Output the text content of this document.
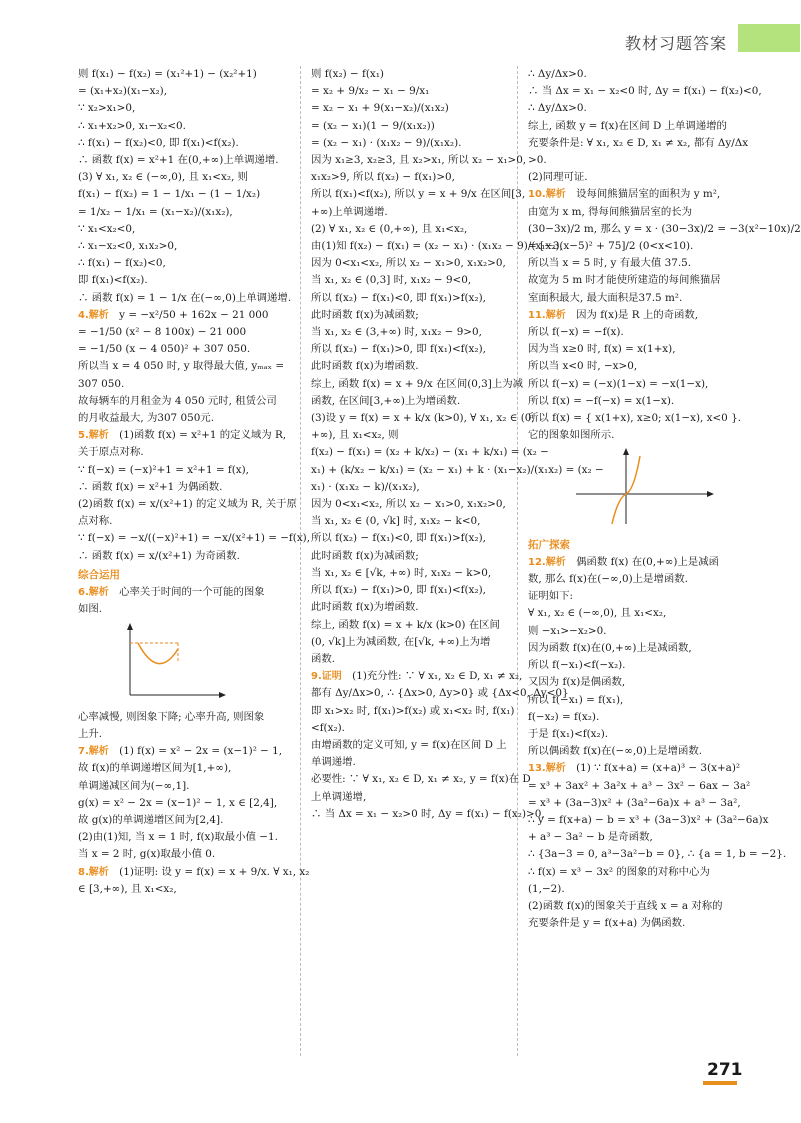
教材习题答案
则 f(x₁) − f(x₂) = (x₁²+1) − (x₂²+1)
= (x₁+x₂)(x₁−x₂),
∵ x₂>x₁>0,
∴ x₁+x₂>0, x₁−x₂<0.
∴ f(x₁) − f(x₂)<0, 即 f(x₁)<f(x₂).
∴ 函数 f(x) = x²+1 在(0,+∞)上单调递增.
(3) ∀ x₁, x₂ ∈ (−∞,0), 且 x₁<x₂, 则
f(x₁) − f(x₂) = 1 − 1/x₁ − (1 − 1/x₂)
= 1/x₂ − 1/x₁ = (x₁−x₂)/(x₁x₂),
∵ x₁<x₂<0,
∴ x₁−x₂<0, x₁x₂>0,
∴ f(x₁) − f(x₂)<0,
即 f(x₁)<f(x₂).
∴ 函数 f(x) = 1 − 1/x 在(−∞,0)上单调递增.
4.解析  y = −x²/50 + 162x − 21 000
= −1/50 (x² − 8 100x) − 21 000
= −1/50 (x − 4 050)² + 307 050.
所以当 x = 4 050 时, y 取得最大值, yₘₐₓ =
307 050.
故每辆车的月租金为 4 050 元时, 租赁公司
的月收益最大, 为307 050元.
5.解析  (1)函数 f(x) = x²+1 的定义域为 R,
关于原点对称.
∵ f(−x) = (−x)²+1 = x²+1 = f(x),
∴ 函数 f(x) = x²+1 为偶函数.
(2)函数 f(x) = x/(x²+1) 的定义域为 R, 关于原
点对称.
∵ f(−x) = −x/((−x)²+1) = −x/(x²+1) = −f(x),
∴ 函数 f(x) = x/(x²+1) 为奇函数.
综合运用
6.解析  心率关于时间的一个可能的图象
如图.
心率减慢, 则图象下降; 心率升高, 则图象
上升.
7.解析  (1) f(x) = x² − 2x = (x−1)² − 1,
故 f(x)的单调递增区间为[1,+∞),
单调递减区间为(−∞,1].
g(x) = x² − 2x = (x−1)² − 1, x ∈ [2,4],
故 g(x)的单调递增区间为[2,4].
(2)由(1)知, 当 x = 1 时, f(x)取最小值 −1.
当 x = 2 时, g(x)取最小值 0.
8.解析  (1)证明: 设 y = f(x) = x + 9/x. ∀ x₁, x₂
∈ [3,+∞), 且 x₁<x₂,
则 f(x₂) − f(x₁)
= x₂ + 9/x₂ − x₁ − 9/x₁
= x₂ − x₁ + 9(x₁−x₂)/(x₁x₂)
= (x₂ − x₁)(1 − 9/(x₁x₂))
= (x₂ − x₁) · (x₁x₂ − 9)/(x₁x₂).
因为 x₁≥3, x₂≥3, 且 x₂>x₁, 所以 x₂ − x₁>0,
x₁x₂>9, 所以 f(x₂) − f(x₁)>0,
所以 f(x₁)<f(x₂), 所以 y = x + 9/x 在区间[3,
+∞)上单调递增.
(2) ∀ x₁, x₂ ∈ (0,+∞), 且 x₁<x₂,
由(1)知 f(x₂) − f(x₁) = (x₂ − x₁) · (x₁x₂ − 9)/(x₁x₂),
因为 0<x₁<x₂, 所以 x₂ − x₁>0, x₁x₂>0,
当 x₁, x₂ ∈ (0,3] 时, x₁x₂ − 9<0,
所以 f(x₂) − f(x₁)<0, 即 f(x₁)>f(x₂),
此时函数 f(x)为减函数;
当 x₁, x₂ ∈ (3,+∞) 时, x₁x₂ − 9>0,
所以 f(x₂) − f(x₁)>0, 即 f(x₁)<f(x₂),
此时函数 f(x)为增函数.
综上, 函数 f(x) = x + 9/x 在区间(0,3]上为减
函数, 在区间[3,+∞)上为增函数.
(3)设 y = f(x) = x + k/x (k>0), ∀ x₁, x₂ ∈ (0,
+∞), 且 x₁<x₂, 则
f(x₂) − f(x₁) = (x₂ + k/x₂) − (x₁ + k/x₁) = (x₂ −
x₁) + (k/x₂ − k/x₁) = (x₂ − x₁) + k · (x₁−x₂)/(x₁x₂) = (x₂ −
x₁) · (x₁x₂ − k)/(x₁x₂),
因为 0<x₁<x₂, 所以 x₂ − x₁>0, x₁x₂>0,
当 x₁, x₂ ∈ (0, √k] 时, x₁x₂ − k<0,
所以 f(x₂) − f(x₁)<0, 即 f(x₁)>f(x₂),
此时函数 f(x)为减函数;
当 x₁, x₂ ∈ [√k, +∞) 时, x₁x₂ − k>0,
所以 f(x₂) − f(x₁)>0, 即 f(x₁)<f(x₂),
此时函数 f(x)为增函数.
综上, 函数 f(x) = x + k/x (k>0) 在区间
(0, √k]上为减函数, 在[√k, +∞)上为增
函数.
9.证明  (1)充分性: ∵ ∀ x₁, x₂ ∈ D, x₁ ≠ x₂,
都有 Δy/Δx>0, ∴ {Δx>0, Δy>0} 或 {Δx<0, Δy<0}
即 x₁>x₂ 时, f(x₁)>f(x₂) 或 x₁<x₂ 时, f(x₁)
<f(x₂).
由增函数的定义可知, y = f(x)在区间 D 上
单调递增.
必要性: ∵ ∀ x₁, x₂ ∈ D, x₁ ≠ x₂, y = f(x)在 D
上单调递增,
∴ 当 Δx = x₁ − x₂>0 时, Δy = f(x₁) − f(x₂)>0,
∴ Δy/Δx>0.
∴ 当 Δx = x₁ − x₂<0 时, Δy = f(x₁) − f(x₂)<0,
∴ Δy/Δx>0.
综上, 函数 y = f(x)在区间 D 上单调递增的
充要条件是: ∀ x₁, x₂ ∈ D, x₁ ≠ x₂, 都有 Δy/Δx
>0.
(2)同理可证.
10.解析  设每间熊猫居室的面积为 y m²,
由宽为 x m, 得每间熊猫居室的长为
(30−3x)/2 m, 那么 y = x · (30−3x)/2 = −3(x²−10x)/2
= [−3(x−5)² + 75]/2 (0<x<10).
所以当 x = 5 时, y 有最大值 37.5.
故宽为 5 m 时才能使所建造的每间熊猫居
室面积最大, 最大面积是37.5 m².
11.解析  因为 f(x)是 R 上的奇函数,
所以 f(−x) = −f(x).
因为当 x≥0 时, f(x) = x(1+x),
所以当 x<0 时, −x>0,
所以 f(−x) = (−x)(1−x) = −x(1−x),
所以 f(x) = −f(−x) = x(1−x).
所以 f(x) = { x(1+x), x≥0; x(1−x), x<0 }.
它的图象如图所示.
拓广探索
12.解析  偶函数 f(x) 在(0,+∞)上是减函
数, 那么 f(x)在(−∞,0)上是增函数.
证明如下:
∀ x₁, x₂ ∈ (−∞,0), 且 x₁<x₂,
则 −x₁>−x₂>0.
因为函数 f(x)在(0,+∞)上是减函数,
所以 f(−x₁)<f(−x₂).
又因为 f(x)是偶函数,
所以 f(−x₁) = f(x₁),
f(−x₂) = f(x₂).
于是 f(x₁)<f(x₂).
所以偶函数 f(x)在(−∞,0)上是增函数.
13.解析  (1) ∵ f(x+a) = (x+a)³ − 3(x+a)²
= x³ + 3ax² + 3a²x + a³ − 3x² − 6ax − 3a²
= x³ + (3a−3)x² + (3a²−6a)x + a³ − 3a²,
∴ y = f(x+a) − b = x³ + (3a−3)x² + (3a²−6a)x
+ a³ − 3a² − b 是奇函数,
∴ {3a−3 = 0, a³−3a²−b = 0}, ∴ {a = 1, b = −2}.
∴ f(x) = x³ − 3x² 的图象的对称中心为
(1,−2).
(2)函数 f(x)的图象关于直线 x = a 对称的
充要条件是 y = f(x+a) 为偶函数.
271
